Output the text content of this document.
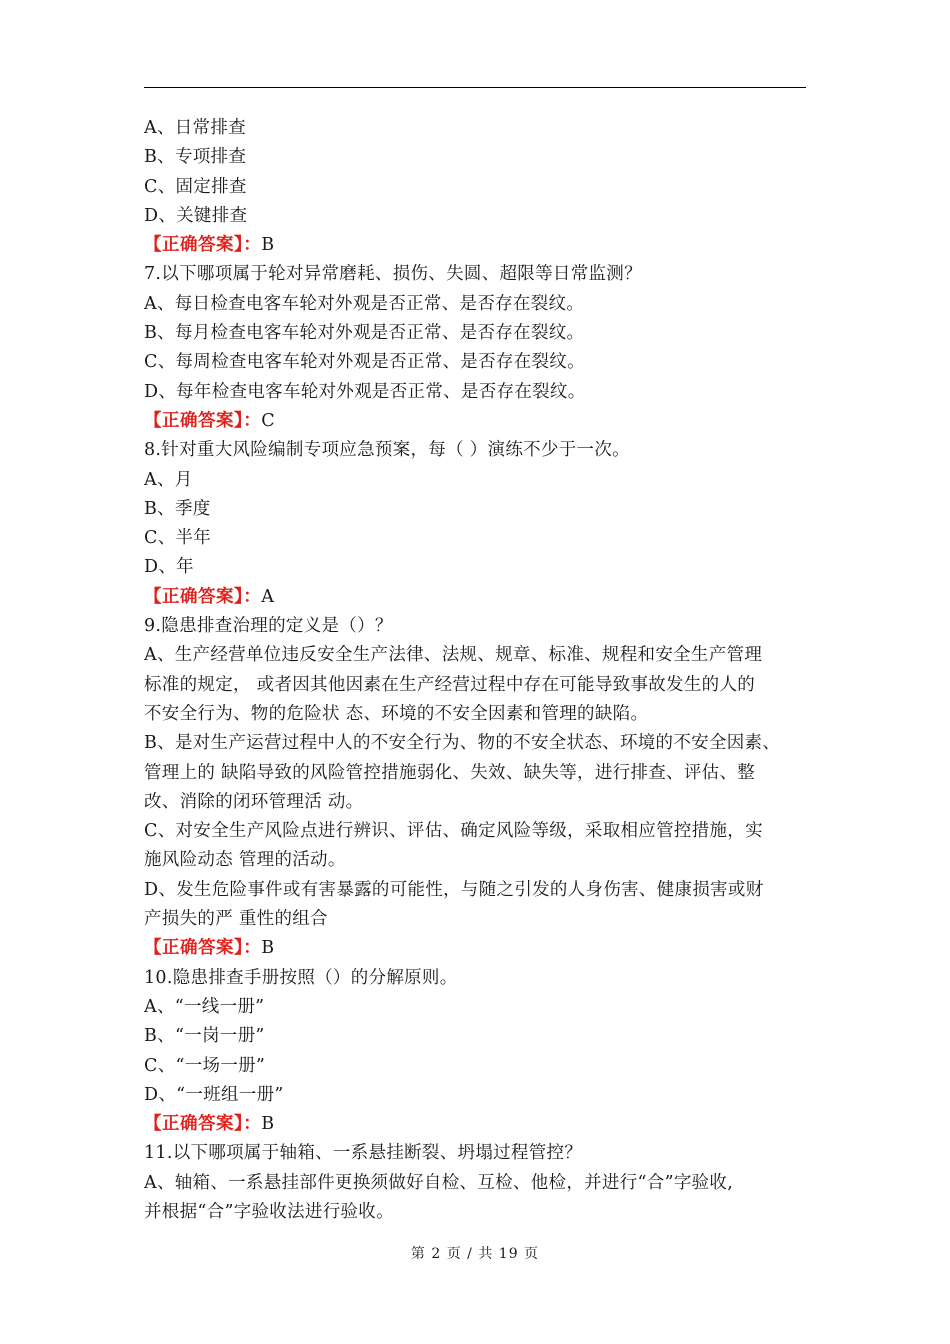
A、日常排查
B、专项排查
C、固定排查
D、关键排查
【正确答案】：B
7.以下哪项属于轮对异常磨耗、损伤、失圆、超限等日常监测？
A、每日检查电客车轮对外观是否正常、是否存在裂纹。
B、每月检查电客车轮对外观是否正常、是否存在裂纹。
C、每周检查电客车轮对外观是否正常、是否存在裂纹。
D、每年检查电客车轮对外观是否正常、是否存在裂纹。
【正确答案】：C
8.针对重大风险编制专项应急预案，每（ ）演练不少于一次。
A、月
B、季度
C、半年
D、年
【正确答案】：A
9.隐患排查治理的定义是（）？
A、生产经营单位违反安全生产法律、法规、规章、标准、规程和安全生产管理
标准的规定， 或者因其他因素在生产经营过程中存在可能导致事故发生的人的
不安全行为、物的危险状 态、环境的不安全因素和管理的缺陷。
B、是对生产运营过程中人的不安全行为、物的不安全状态、环境的不安全因素、
管理上的 缺陷导致的风险管控措施弱化、失效、缺失等，进行排查、评估、整
改、消除的闭环管理活 动。
C、对安全生产风险点进行辨识、评估、确定风险等级，采取相应管控措施，实
施风险动态 管理的活动。
D、发生危险事件或有害暴露的可能性，与随之引发的人身伤害、健康损害或财
产损失的严 重性的组合
【正确答案】：B
10.隐患排查手册按照（）的分解原则。
A、“一线一册”
B、“一岗一册”
C、“一场一册”
D、“一班组一册”
【正确答案】：B
11.以下哪项属于轴箱、一系悬挂断裂、坍塌过程管控？
A、轴箱、一系悬挂部件更换须做好自检、互检、他检，并进行“合”字验收,
并根据“合”字验收法进行验收。
第 2 页 / 共 19 页
